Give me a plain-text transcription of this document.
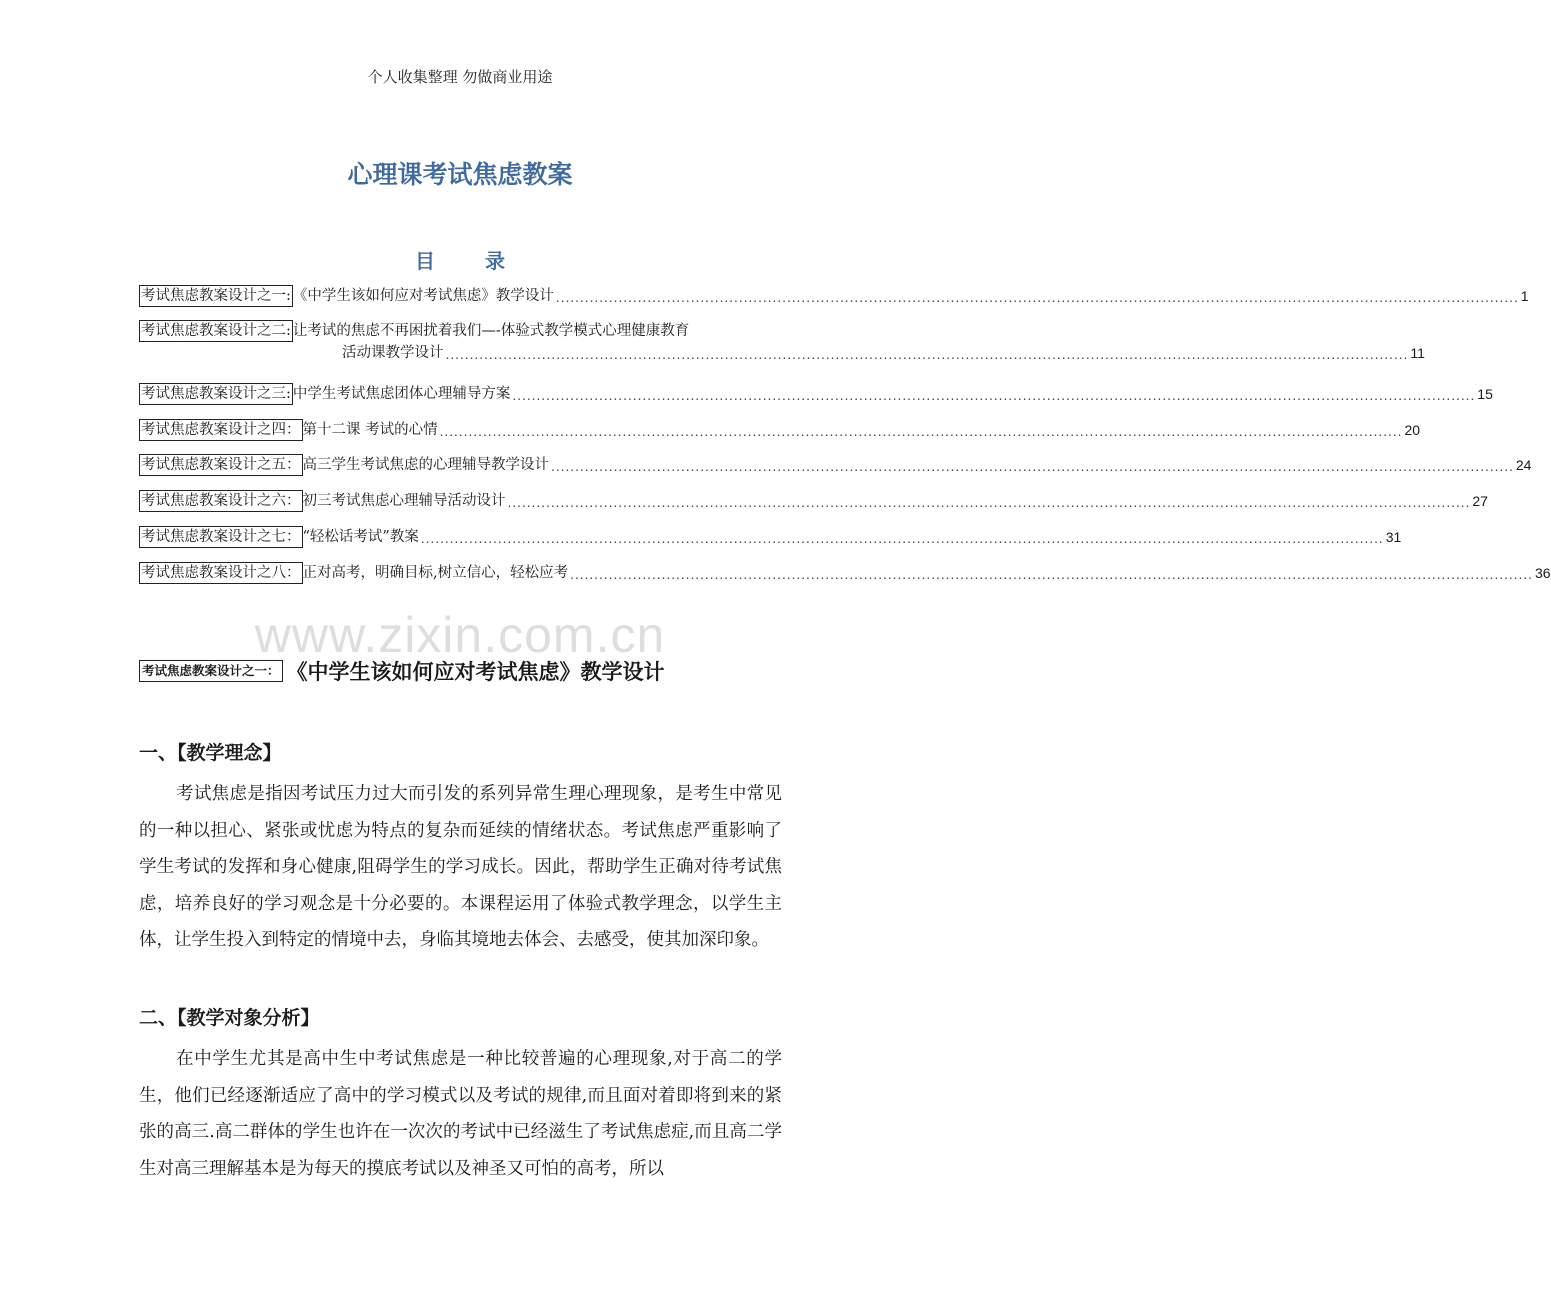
个人收集整理 勿做商业用途
心理课考试焦虑教案
目	录
考试焦虑教案设计之一: 《中学生该如何应对考试焦虑》教学设计 ........................................................................................................................................................................................................ 1
考试焦虑教案设计之二: 让考试的焦虑不再困扰着我们—-体验式教学模式心理健康教育
活动课教学设计 ........................................................................................................................................................................................................ 11
考试焦虑教案设计之三: 中学生考试焦虑团体心理辅导方案 ........................................................................................................................................................................................................ 15
考试焦虑教案设计之四： 第十二课 考试的心情 ........................................................................................................................................................................................................ 20
考试焦虑教案设计之五： 高三学生考试焦虑的心理辅导教学设计 ........................................................................................................................................................................................................ 24
考试焦虑教案设计之六： 初三考试焦虑心理辅导活动设计 ........................................................................................................................................................................................................ 27
考试焦虑教案设计之七： “轻松话考试”教案 ........................................................................................................................................................................................................ 31
考试焦虑教案设计之八： 正对高考，明确目标,树立信心，轻松应考 ........................................................................................................................................................................................................ 36
www.zixin.com.cn
考试焦虑教案设计之一： 《中学生该如何应对考试焦虑》教学设计
一、【教学理念】

考试焦虑是指因考试压力过大而引发的系列异常生理心理现象，是考生中常见的一种以担心、紧张或忧虑为特点的复杂而延续的情绪状态。考试焦虑严重影响了学生考试的发挥和身心健康,阻碍学生的学习成长。因此，帮助学生正确对待考试焦虑，培养良好的学习观念是十分必要的。本课程运用了体验式教学理念，以学生主体，让学生投入到特定的情境中去，身临其境地去体会、去感受，使其加深印象。

二、【教学对象分析】

在中学生尤其是高中生中考试焦虑是一种比较普遍的心理现象,对于高二的学生，他们已经逐渐适应了高中的学习模式以及考试的规律,而且面对着即将到来的紧张的高三.高二群体的学生也许在一次次的考试中已经滋生了考试焦虑症,而且高二学生对高三理解基本是为每天的摸底考试以及神圣又可怕的高考，所以
